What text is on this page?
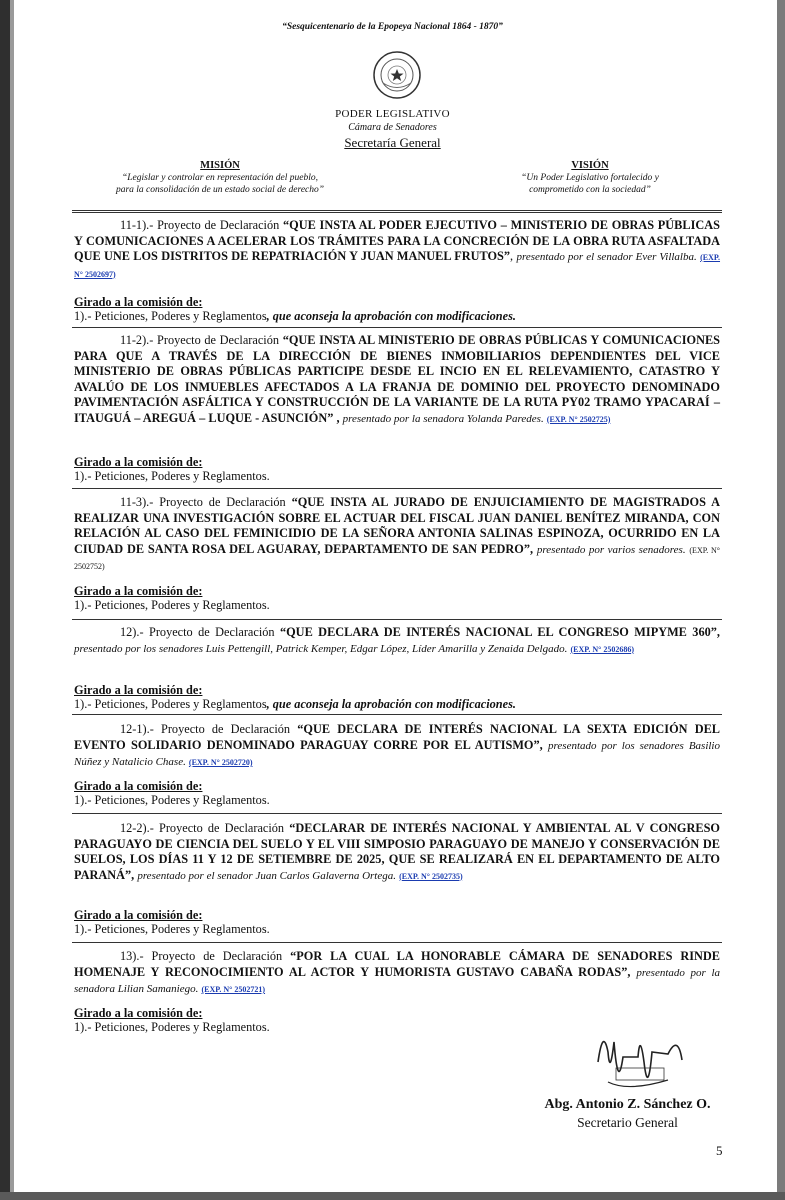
“Sesquicentenario de la Epopeya Nacional 1864 - 1870”
PODER LEGISLATIVO
Cámara de Senadores
Secretaría General
MISIÓN
“Legislar y controlar en representación del pueblo,
para la consolidación de un estado social de derecho”
VISIÓN
“Un Poder Legislativo fortalecido y
comprometido con la sociedad”
11-1).- Proyecto de Declaración “QUE INSTA AL PODER EJECUTIVO – MINISTERIO DE OBRAS PÚBLICAS Y COMUNICACIONES A ACELERAR LOS TRÁMITES PARA LA CONCRECIÓN DE LA OBRA RUTA ASFALTADA QUE UNE LOS DISTRITOS DE REPATRIACIÓN Y JUAN MANUEL FRUTOS”, presentado por el senador Ever Villalba. (EXP. N° 2502697)
Girado a la comisión de:
1).- Peticiones, Poderes y Reglamentos, que aconseja la aprobación con modificaciones.
11-2).- Proyecto de Declaración “QUE INSTA AL MINISTERIO DE OBRAS PÚBLICAS Y COMUNICACIONES PARA QUE A TRAVÉS DE LA DIRECCIÓN DE BIENES INMOBILIARIOS DEPENDIENTES DEL VICE MINISTERIO DE OBRAS PÚBLICAS PARTICIPE DESDE EL INCIO EN EL RELEVAMIENTO, CATASTRO Y AVALÚO DE LOS INMUEBLES AFECTADOS A LA FRANJA DE DOMINIO DEL PROYECTO DENOMINADO PAVIMENTACIÓN ASFÁLTICA Y CONSTRUCCIÓN DE LA VARIANTE DE LA RUTA PY02 TRAMO YPACARAÍ – ITAUGUÁ – AREGUÁ – LUQUE - ASUNCIÓN” , presentado por la senadora Yolanda Paredes. (EXP. N° 2502725)
Girado a la comisión de:
1).- Peticiones, Poderes y Reglamentos.
11-3).- Proyecto de Declaración “QUE INSTA AL JURADO DE ENJUICIAMIENTO DE MAGISTRADOS A REALIZAR UNA INVESTIGACIÓN SOBRE EL ACTUAR DEL FISCAL JUAN DANIEL BENÍTEZ MIRANDA, CON RELACIÓN AL CASO DEL FEMINICIDIO DE LA SEÑORA ANTONIA SALINAS ESPINOZA, OCURRIDO EN LA CIUDAD DE SANTA ROSA DEL AGUARAY, DEPARTAMENTO DE SAN PEDRO”, presentado por varios senadores. (EXP. N° 2502752)
Girado a la comisión de:
1).- Peticiones, Poderes y Reglamentos.
12).- Proyecto de Declaración “QUE DECLARA DE INTERÉS NACIONAL EL CONGRESO MIPYME 360”, presentado por los senadores Luis Pettengill, Patrick Kemper, Edgar López, Líder Amarilla y Zenaida Delgado. (EXP. N° 2502686)
Girado a la comisión de:
1).- Peticiones, Poderes y Reglamentos, que aconseja la aprobación con modificaciones.
12-1).- Proyecto de Declaración “QUE DECLARA DE INTERÉS NACIONAL LA SEXTA EDICIÓN DEL EVENTO SOLIDARIO DENOMINADO PARAGUAY CORRE POR EL AUTISMO”, presentado por los senadores Basilio Núñez y Natalicio Chase. (EXP. N° 2502720)
Girado a la comisión de:
1).- Peticiones, Poderes y Reglamentos.
12-2).- Proyecto de Declaración “DECLARAR DE INTERÉS NACIONAL Y AMBIENTAL AL V CONGRESO PARAGUAYO DE CIENCIA DEL SUELO Y EL VIII SIMPOSIO PARAGUAYO DE MANEJO Y CONSERVACIÓN DE SUELOS, LOS DÍAS 11 Y 12 DE SETIEMBRE DE 2025, QUE SE REALIZARÁ EN EL DEPARTAMENTO DE ALTO PARANÁ”, presentado por el senador Juan Carlos Galaverna Ortega. (EXP. N° 2502735)
Girado a la comisión de:
1).- Peticiones, Poderes y Reglamentos.
13).- Proyecto de Declaración “POR LA CUAL LA HONORABLE CÁMARA DE SENADORES RINDE HOMENAJE Y RECONOCIMIENTO AL ACTOR Y HUMORISTA GUSTAVO CABAÑA RODAS”, presentado por la senadora Lilian Samaniego. (EXP. N° 2502721)
Girado a la comisión de:
1).- Peticiones, Poderes y Reglamentos.
Abg. Antonio Z. Sánchez O.
Secretario General
5
